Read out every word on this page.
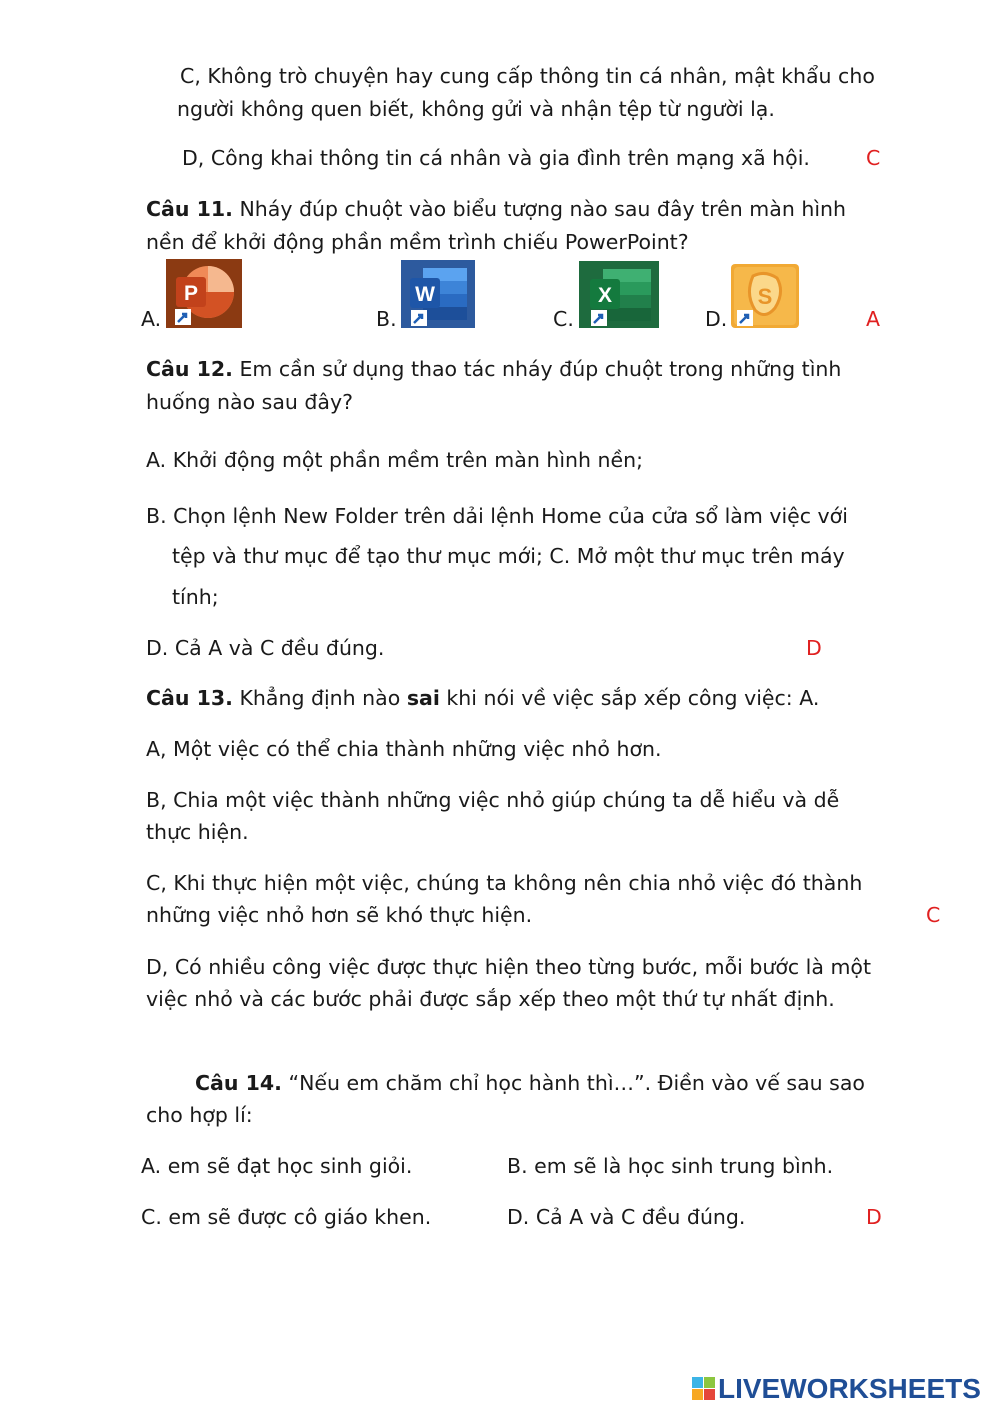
C, Không trò chuyện hay cung cấp thông tin cá nhân, mật khẩu cho
người không quen biết, không gửi và nhận tệp từ người lạ.
D, Công khai thông tin cá nhân và gia đình trên mạng xã hội.	C
Câu 11. Nháy đúp chuột vào biểu tượng nào sau đây trên màn hình
nền để khởi động phần mềm trình chiếu PowerPoint?
A.
P
B.
W
C.
X
D.
S
A
Câu 12. Em cần sử dụng thao tác nháy đúp chuột trong những tình
huống nào sau đây?
A. Khởi động một phần mềm trên màn hình nền;
B. Chọn lệnh New Folder trên dải lệnh Home của cửa sổ làm việc với
tệp và thư mục để tạo thư mục mới; C. Mở một thư mục trên máy
tính;
D. Cả A và C đều đúng.	D
Câu 13. Khẳng định nào sai khi nói về việc sắp xếp công việc: A.
A, Một việc có thể chia thành những việc nhỏ hơn.
B, Chia một việc thành những việc nhỏ giúp chúng ta dễ hiểu và dễ
thực hiện.
C, Khi thực hiện một việc, chúng ta không nên chia nhỏ việc đó thành
những việc nhỏ hơn sẽ khó thực hiện.	C
D, Có nhiều công việc được thực hiện theo từng bước, mỗi bước là một
việc nhỏ và các bước phải được sắp xếp theo một thứ tự nhất định.
Câu 14. “Nếu em chăm chỉ học hành thì…”. Điền vào vế sau sao
cho hợp lí:
A. em sẽ đạt học sinh giỏi.	B. em sẽ là học sinh trung bình.
C. em sẽ được cô giáo khen.	D. Cả A và C đều đúng.	D
LIVEWORKSHEETS
